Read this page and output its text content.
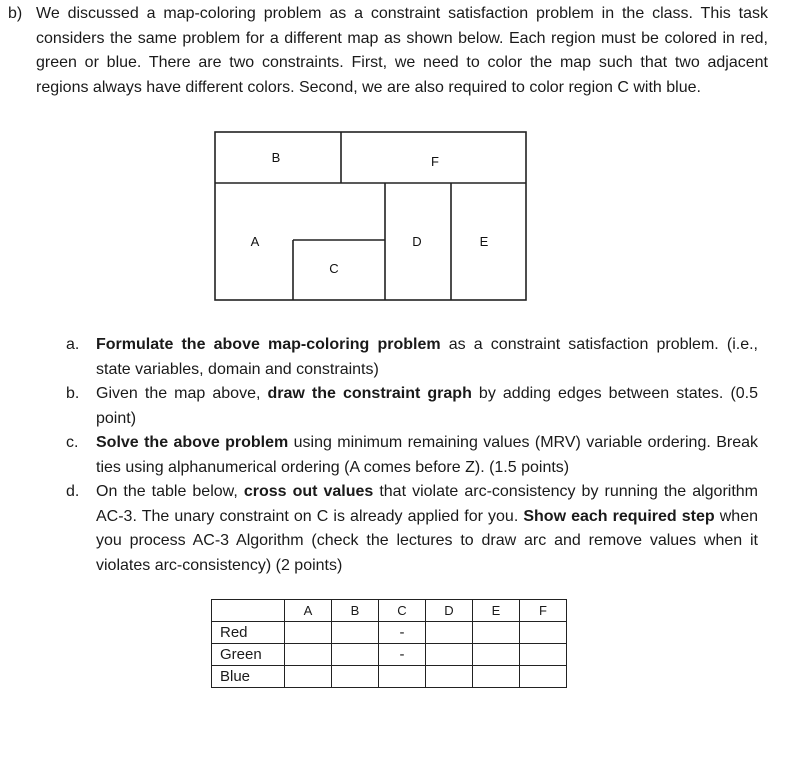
b) We discussed a map-coloring problem as a constraint satisfaction problem in the class. This task considers the same problem for a different map as shown below. Each region must be colored in red, green or blue. There are two constraints. First, we need to color the map such that two adjacent regions always have different colors. Second, we are also required to color region C with blue.
B	F
A
C
D	E
a. Formulate the above map-coloring problem as a constraint satisfaction problem. (i.e., state variables, domain and constraints)
b. Given the map above, draw the constraint graph by adding edges between states. (0.5 point)
c. Solve the above problem using minimum remaining values (MRV) variable ordering. Break ties using alphanumerical ordering (A comes before Z). (1.5 points)
d. On the table below, cross out values that violate arc-consistency by running the algorithm AC-3. The unary constraint on C is already applied for you. Show each required step when you process AC-3 Algorithm (check the lectures to draw arc and remove values when it violates arc-consistency) (2 points)
	A	B	C	D	E	F
Red			-			
Green			-			
Blue						
